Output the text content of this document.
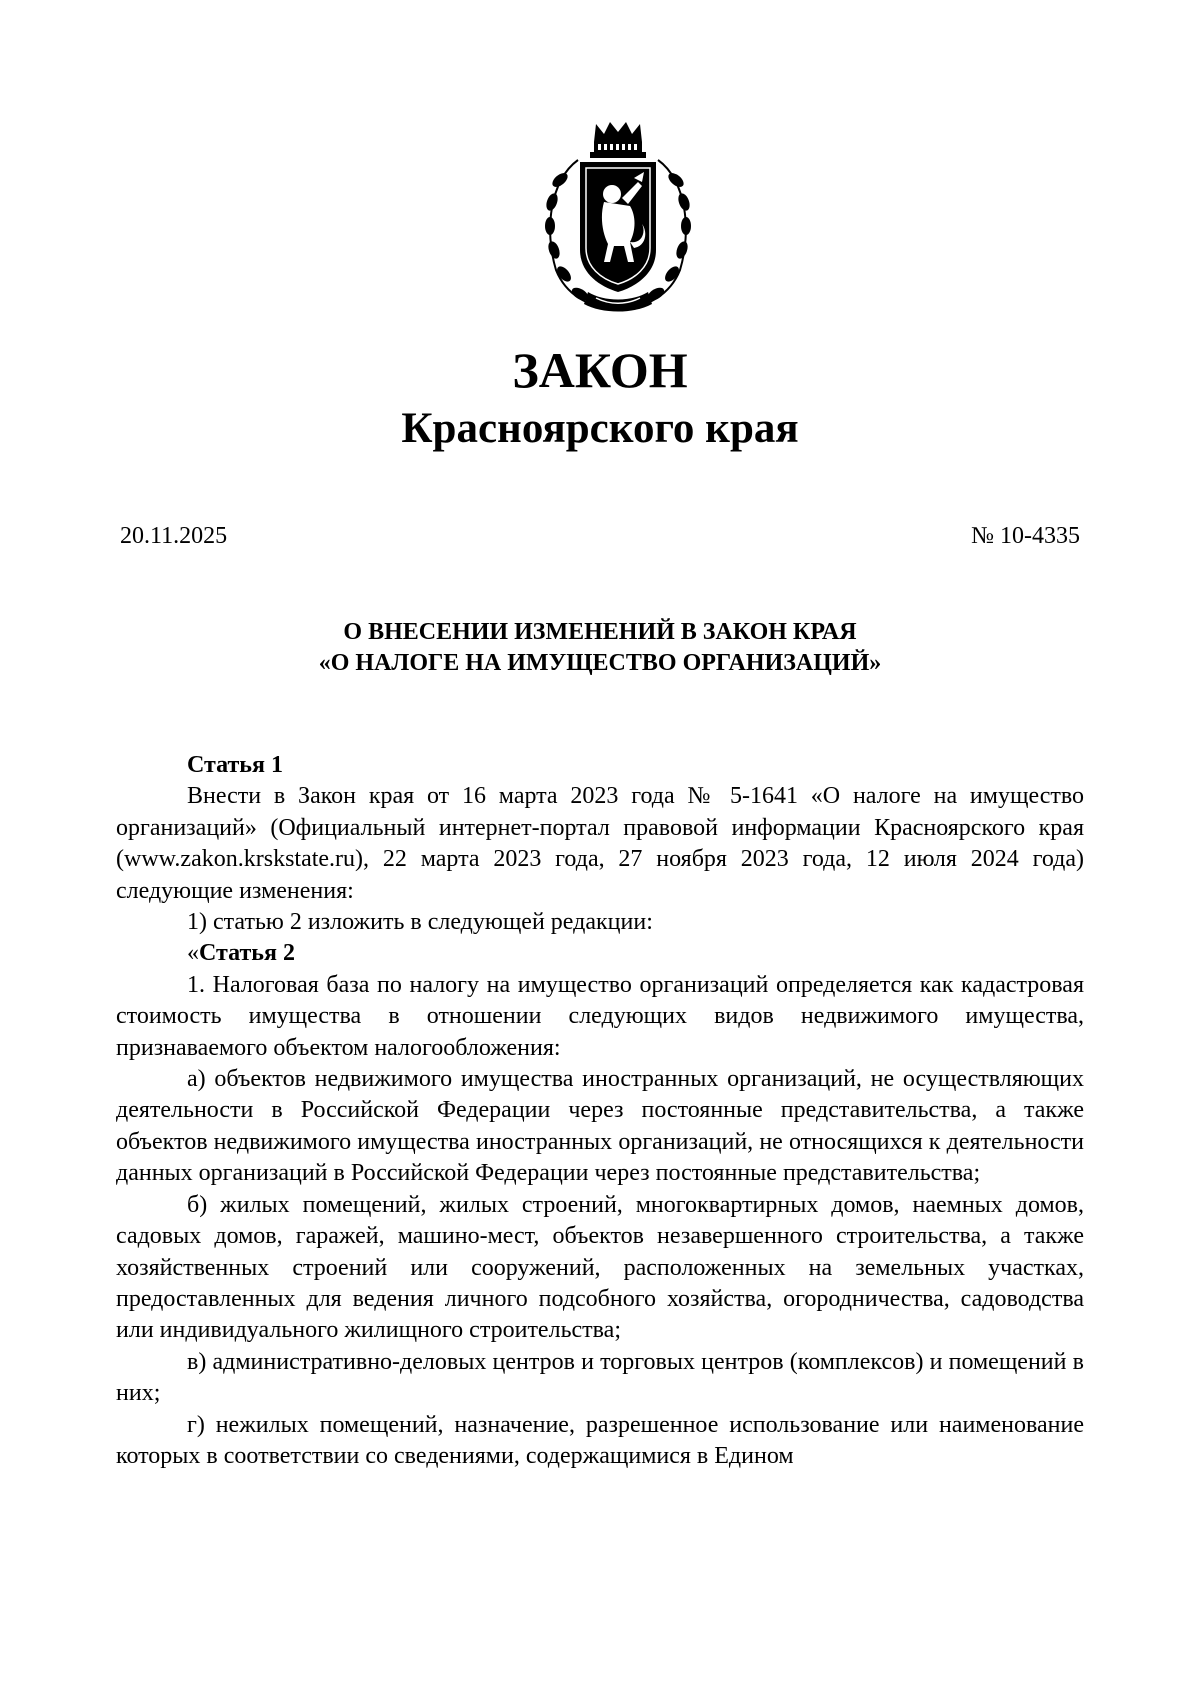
ЗАКОН
Красноярского края
20.11.2025	№ 10-4335
О ВНЕСЕНИИ ИЗМЕНЕНИЙ В ЗАКОН КРАЯ
«О НАЛОГЕ НА ИМУЩЕСТВО ОРГАНИЗАЦИЙ»

Статья 1

Внести в Закон края от 16 марта 2023 года № 5-1641 «О налоге на имущество организаций» (Официальный интернет-портал правовой информации Красноярского края (www.zakon.krskstate.ru), 22 марта 2023 года, 27 ноября 2023 года, 12 июля 2024 года) следующие изменения:

1) статью 2 изложить в следующей редакции:

«Статья 2

1. Налоговая база по налогу на имущество организаций определяется как кадастровая стоимость имущества в отношении следующих видов недвижимого имущества, признаваемого объектом налогообложения:

а) объектов недвижимого имущества иностранных организаций, не осуществляющих деятельности в Российской Федерации через постоянные представительства, а также объектов недвижимого имущества иностранных организаций, не относящихся к деятельности данных организаций в Российской Федерации через постоянные представительства;

б) жилых помещений, жилых строений, многоквартирных домов, наемных домов, садовых домов, гаражей, машино-мест, объектов незавершенного строительства, а также хозяйственных строений или сооружений, расположенных на земельных участках, предоставленных для ведения личного подсобного хозяйства, огородничества, садоводства или индивидуального жилищного строительства;

в) административно-деловых центров и торговых центров (комплексов) и помещений в них;

г) нежилых помещений, назначение, разрешенное использование или наименование которых в соответствии со сведениями, содержащимися в Едином
